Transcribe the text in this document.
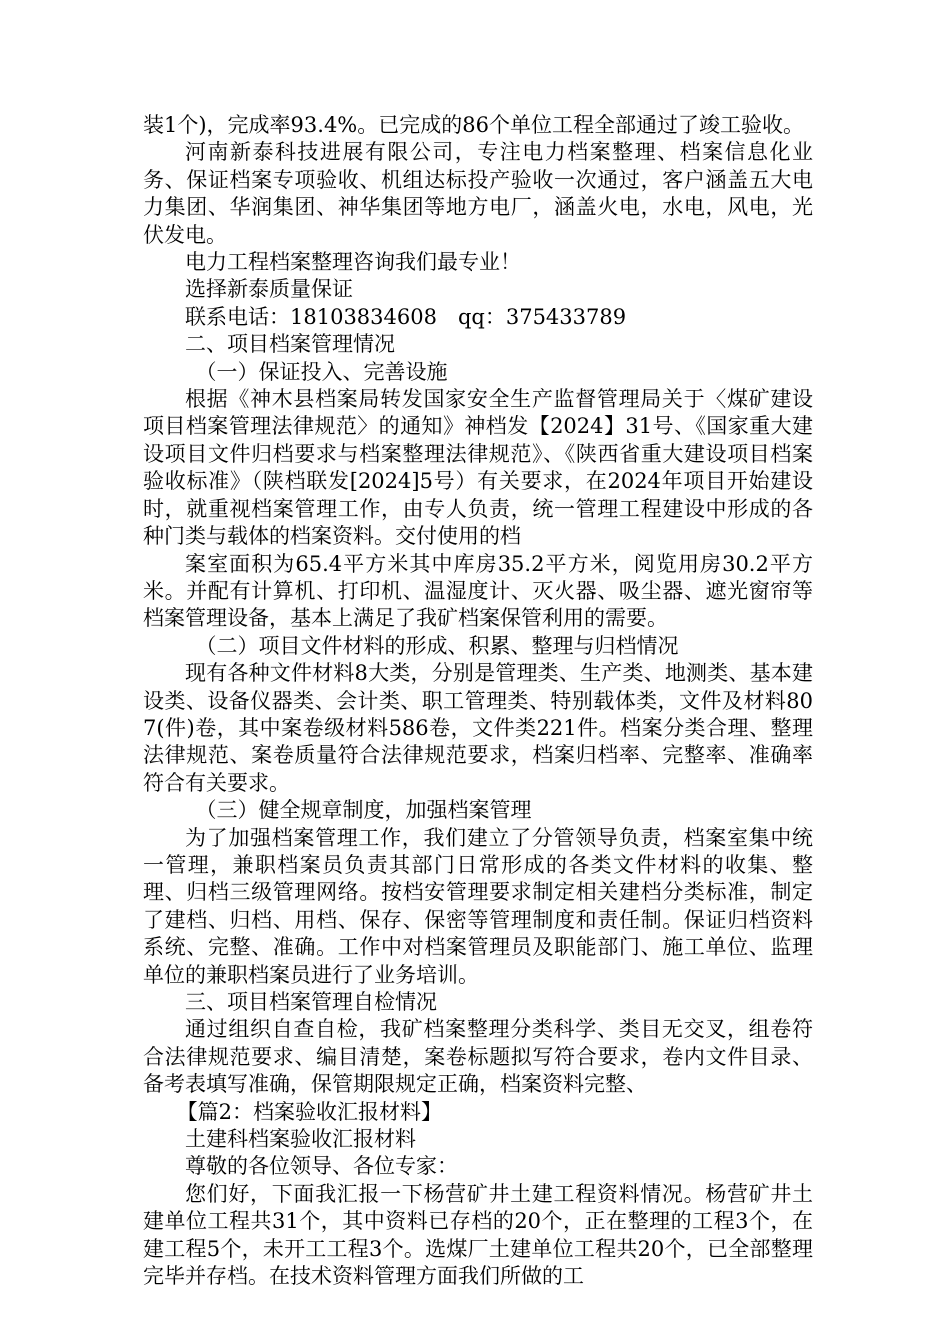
装1个)，完成率93.4%。已完成的86个单位工程全部通过了竣工验收。

河南新泰科技进展有限公司，专注电力档案整理、档案信息化业务、保证档案专项验收、机组达标投产验收一次通过，客户涵盖五大电力集团、华润集团、神华集团等地方电厂，涵盖火电，水电，风电，光伏发电。

电力工程档案整理咨询我们最专业！

选择新泰质量保证

联系电话：18103834608　qq：375433789

二、项目档案管理情况

（一）保证投入、完善设施

根据《神木县档案局转发国家安全生产监督管理局关于〈煤矿建设项目档案管理法律规范〉的通知》神档发【2024】31号、《国家重大建设项目文件归档要求与档案整理法律规范》、《陕西省重大建设项目档案验收标准》（陕档联发[2024]5号）有关要求，在2024年项目开始建设时，就重视档案管理工作，由专人负责，统一管理工程建设中形成的各种门类与载体的档案资料。交付使用的档

案室面积为65.4平方米其中库房35.2平方米，阅览用房30.2平方米。并配有计算机、打印机、温湿度计、灭火器、吸尘器、遮光窗帘等档案管理设备，基本上满足了我矿档案保管利用的需要。

（二）项目文件材料的形成、积累、整理与归档情况

现有各种文件材料8大类，分别是管理类、生产类、地测类、基本建设类、设备仪器类、会计类、职工管理类、特别载体类，文件及材料807(件)卷，其中案卷级材料586卷，文件类221件。档案分类合理、整理法律规范、案卷质量符合法律规范要求，档案归档率、完整率、准确率符合有关要求。

（三）健全规章制度，加强档案管理

为了加强档案管理工作，我们建立了分管领导负责，档案室集中统一管理，兼职档案员负责其部门日常形成的各类文件材料的收集、整理、归档三级管理网络。按档安管理要求制定相关建档分类标准，制定了建档、归档、用档、保存、保密等管理制度和责任制。保证归档资料系统、完整、准确。工作中对档案管理员及职能部门、施工单位、监理单位的兼职档案员进行了业务培训。

三、项目档案管理自检情况

通过组织自查自检，我矿档案整理分类科学、类目无交叉，组卷符合法律规范要求、编目清楚，案卷标题拟写符合要求，卷内文件目录、备考表填写准确，保管期限规定正确，档案资料完整、

【篇2：档案验收汇报材料】

土建科档案验收汇报材料

尊敬的各位领导、各位专家：

您们好，下面我汇报一下杨营矿井土建工程资料情况。杨营矿井土建单位工程共31个，其中资料已存档的20个，正在整理的工程3个，在建工程5个，未开工工程3个。选煤厂土建单位工程共20个，已全部整理完毕并存档。在技术资料管理方面我们所做的工
